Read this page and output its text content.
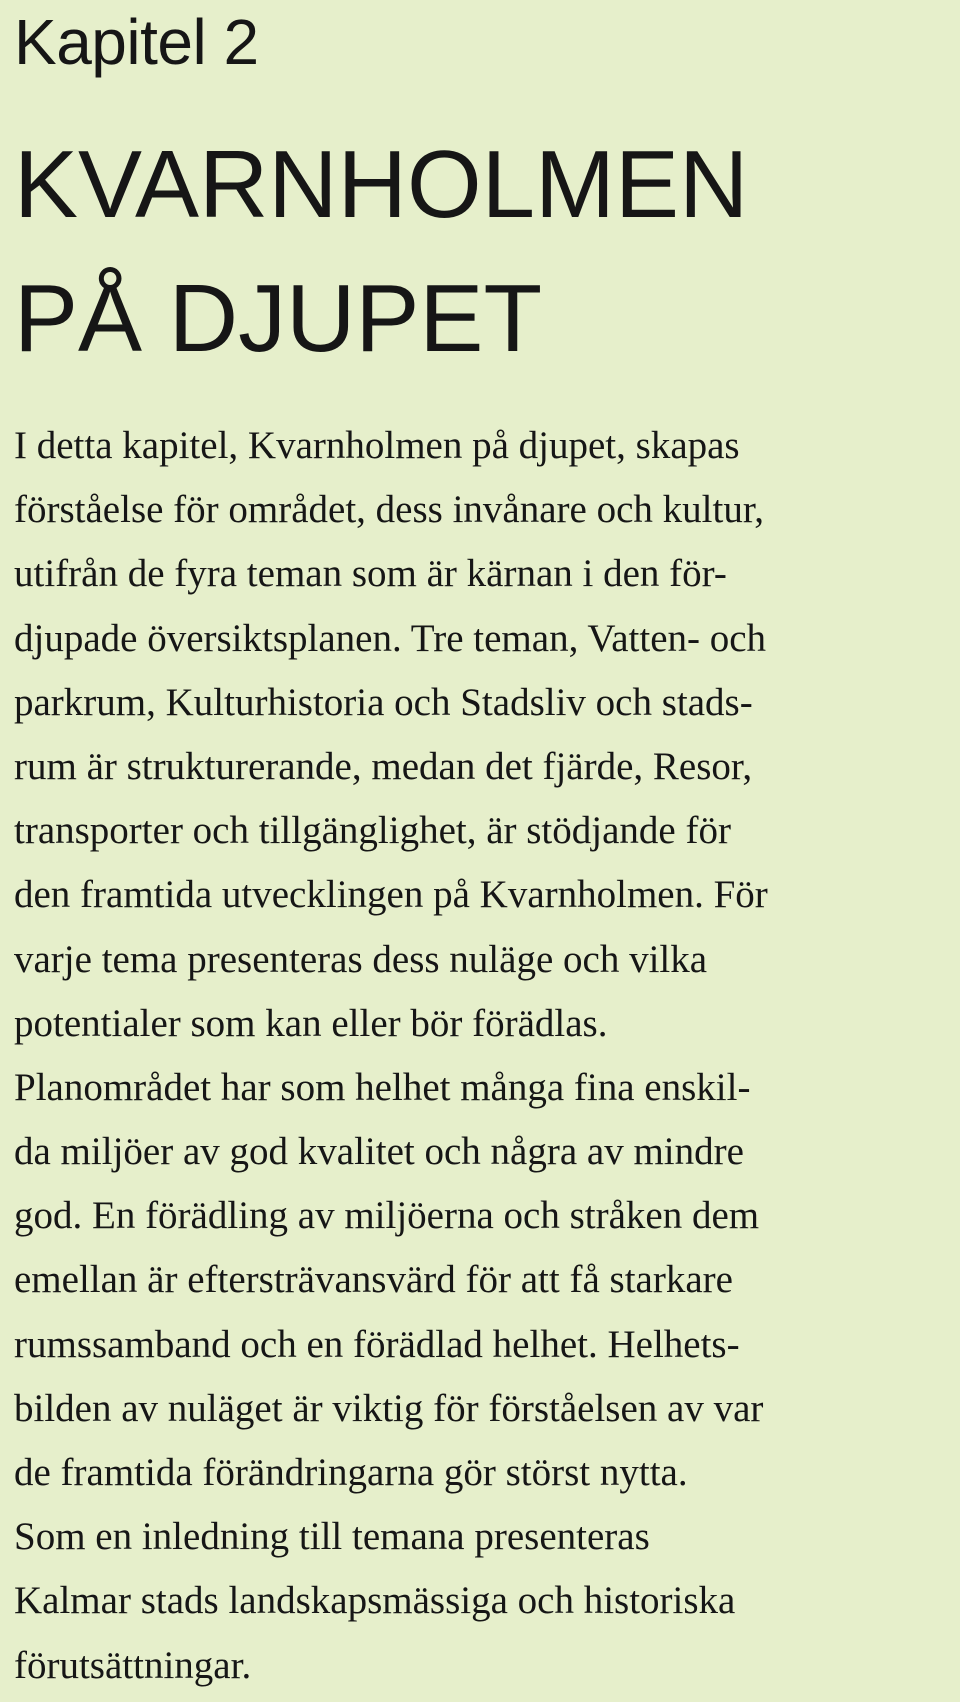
Kapitel 2
KVARNHOLMEN
PÅ DJUPET
I detta kapitel, Kvarnholmen på djupet, skapas
förståelse för området, dess invånare och kultur,
utifrån de fyra teman som är kärnan i den för-
djupade översiktsplanen. Tre teman, Vatten- och
parkrum, Kulturhistoria och Stadsliv och stads-
rum är strukturerande, medan det fjärde, Resor,
transporter och tillgänglighet, är stödjande för
den framtida utvecklingen på Kvarnholmen. För
varje tema presenteras dess nuläge och vilka
potentialer som kan eller bör förädlas.
Planområdet har som helhet många fina enskil-
da miljöer av god kvalitet och några av mindre
god. En förädling av miljöerna och stråken dem
emellan är eftersträvansvärd för att få starkare
rumssamband och en förädlad helhet. Helhets-
bilden av nuläget är viktig för förståelsen av var
de framtida förändringarna gör störst nytta.
Som en inledning till temana presenteras
Kalmar stads landskapsmässiga och historiska
förutsättningar.
